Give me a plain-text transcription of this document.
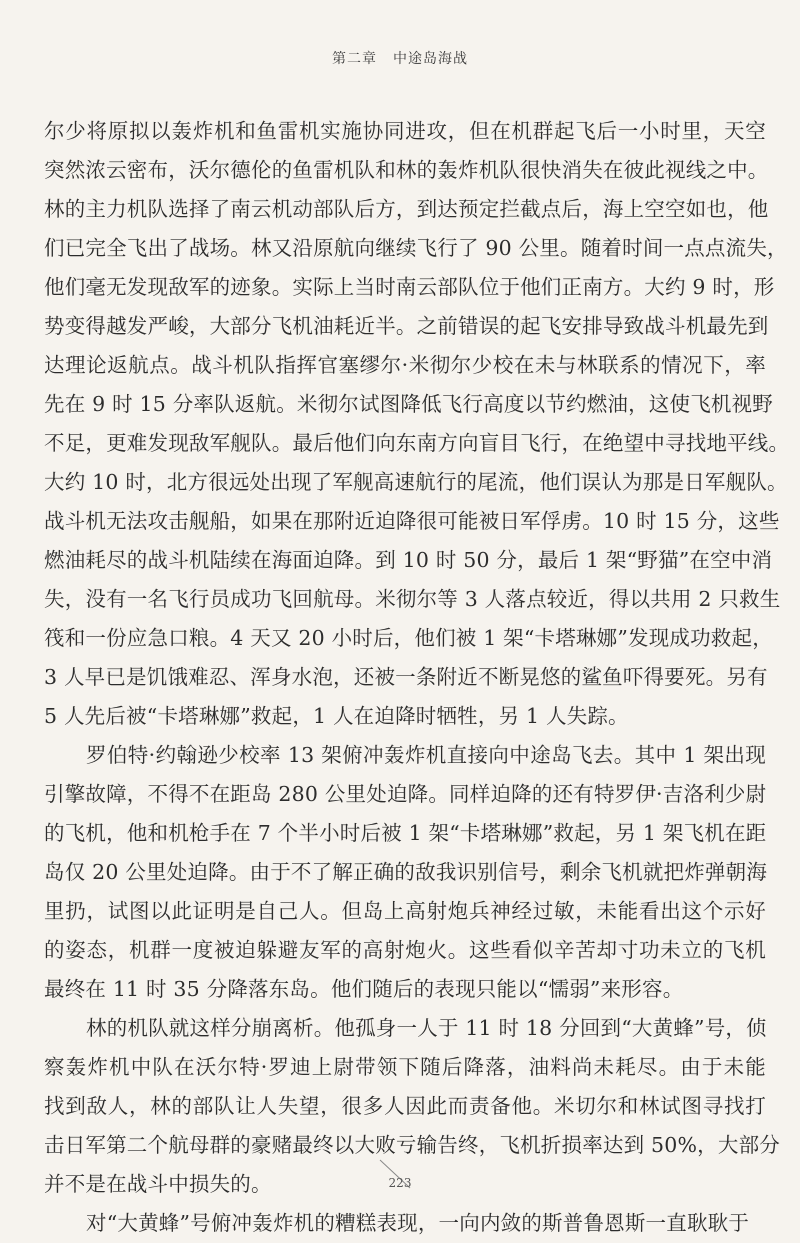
第二章 中途岛海战
尔少将原拟以轰炸机和鱼雷机实施协同进攻，但在机群起飞后一小时里，天空
突然浓云密布，沃尔德伦的鱼雷机队和林的轰炸机队很快消失在彼此视线之中。
林的主力机队选择了南云机动部队后方，到达预定拦截点后，海上空空如也，他
们已完全飞出了战场。林又沿原航向继续飞行了 90 公里。随着时间一点点流失，
他们毫无发现敌军的迹象。实际上当时南云部队位于他们正南方。大约 9 时，形
势变得越发严峻，大部分飞机油耗近半。之前错误的起飞安排导致战斗机最先到
达理论返航点。战斗机队指挥官塞缪尔·米彻尔少校在未与林联系的情况下，率
先在 9 时 15 分率队返航。米彻尔试图降低飞行高度以节约燃油，这使飞机视野
不足，更难发现敌军舰队。最后他们向东南方向盲目飞行，在绝望中寻找地平线。
大约 10 时，北方很远处出现了军舰高速航行的尾流，他们误认为那是日军舰队。
战斗机无法攻击舰船，如果在那附近迫降很可能被日军俘虏。10 时 15 分，这些
燃油耗尽的战斗机陆续在海面迫降。到 10 时 50 分，最后 1 架“野猫”在空中消
失，没有一名飞行员成功飞回航母。米彻尔等 3 人落点较近，得以共用 2 只救生
筏和一份应急口粮。4 天又 20 小时后，他们被 1 架“卡塔琳娜”发现成功救起，
3 人早已是饥饿难忍、浑身水泡，还被一条附近不断晃悠的鲨鱼吓得要死。另有
5 人先后被“卡塔琳娜”救起，1 人在迫降时牺牲，另 1 人失踪。
罗伯特·约翰逊少校率 13 架俯冲轰炸机直接向中途岛飞去。其中 1 架出现
引擎故障，不得不在距岛 280 公里处迫降。同样迫降的还有特罗伊·吉洛利少尉
的飞机，他和机枪手在 7 个半小时后被 1 架“卡塔琳娜”救起，另 1 架飞机在距
岛仅 20 公里处迫降。由于不了解正确的敌我识别信号，剩余飞机就把炸弹朝海
里扔，试图以此证明是自己人。但岛上高射炮兵神经过敏，未能看出这个示好
的姿态，机群一度被迫躲避友军的高射炮火。这些看似辛苦却寸功未立的飞机
最终在 11 时 35 分降落东岛。他们随后的表现只能以“懦弱”来形容。
林的机队就这样分崩离析。他孤身一人于 11 时 18 分回到“大黄蜂”号，侦
察轰炸机中队在沃尔特·罗迪上尉带领下随后降落，油料尚未耗尽。由于未能
找到敌人，林的部队让人失望，很多人因此而责备他。米切尔和林试图寻找打
击日军第二个航母群的豪赌最终以大败亏输告终，飞机折损率达到 50%，大部分
并不是在战斗中损失的。
对“大黄蜂”号俯冲轰炸机的糟糕表现，一向内敛的斯普鲁恩斯一直耿耿于
223
